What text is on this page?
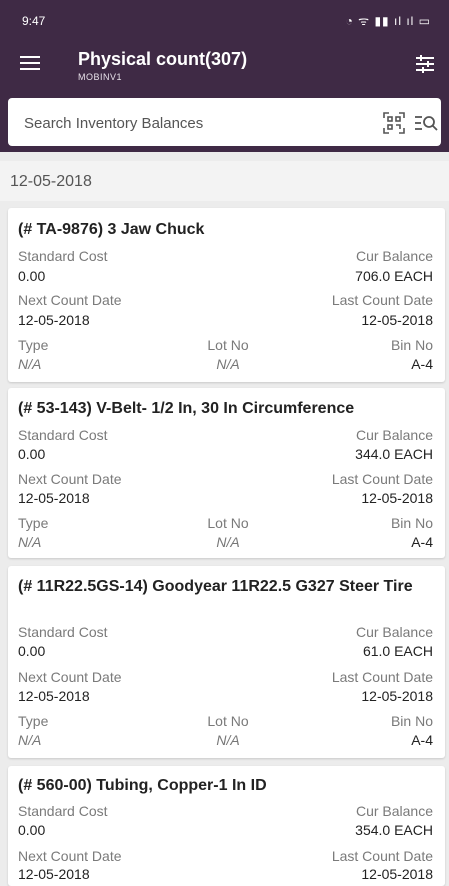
9:47	◔ ᯤ ▮▮ ıl ıl ▭
Physical count(307)
MOBINV1
Search Inventory Balances
12-05-2018
(# TA-9876) 3 Jaw Chuck
Standard Cost	Cur Balance
0.00	706.0 EACH
Next Count Date	Last Count Date
12-05-2018	12-05-2018
Type	Lot No	Bin No
N/A	N/A	A-4
(# 53-143) V-Belt- 1/2 In, 30 In Circumference
Standard Cost	Cur Balance
0.00	344.0 EACH
Next Count Date	Last Count Date
12-05-2018	12-05-2018
Type	Lot No	Bin No
N/A	N/A	A-4
(# 11R22.5GS-14) Goodyear 11R22.5 G327 Steer Tire
Standard Cost	Cur Balance
0.00	61.0 EACH
Next Count Date	Last Count Date
12-05-2018	12-05-2018
Type	Lot No	Bin No
N/A	N/A	A-4
(# 560-00) Tubing, Copper-1 In ID
Standard Cost	Cur Balance
0.00	354.0 EACH
Next Count Date	Last Count Date
12-05-2018	12-05-2018
